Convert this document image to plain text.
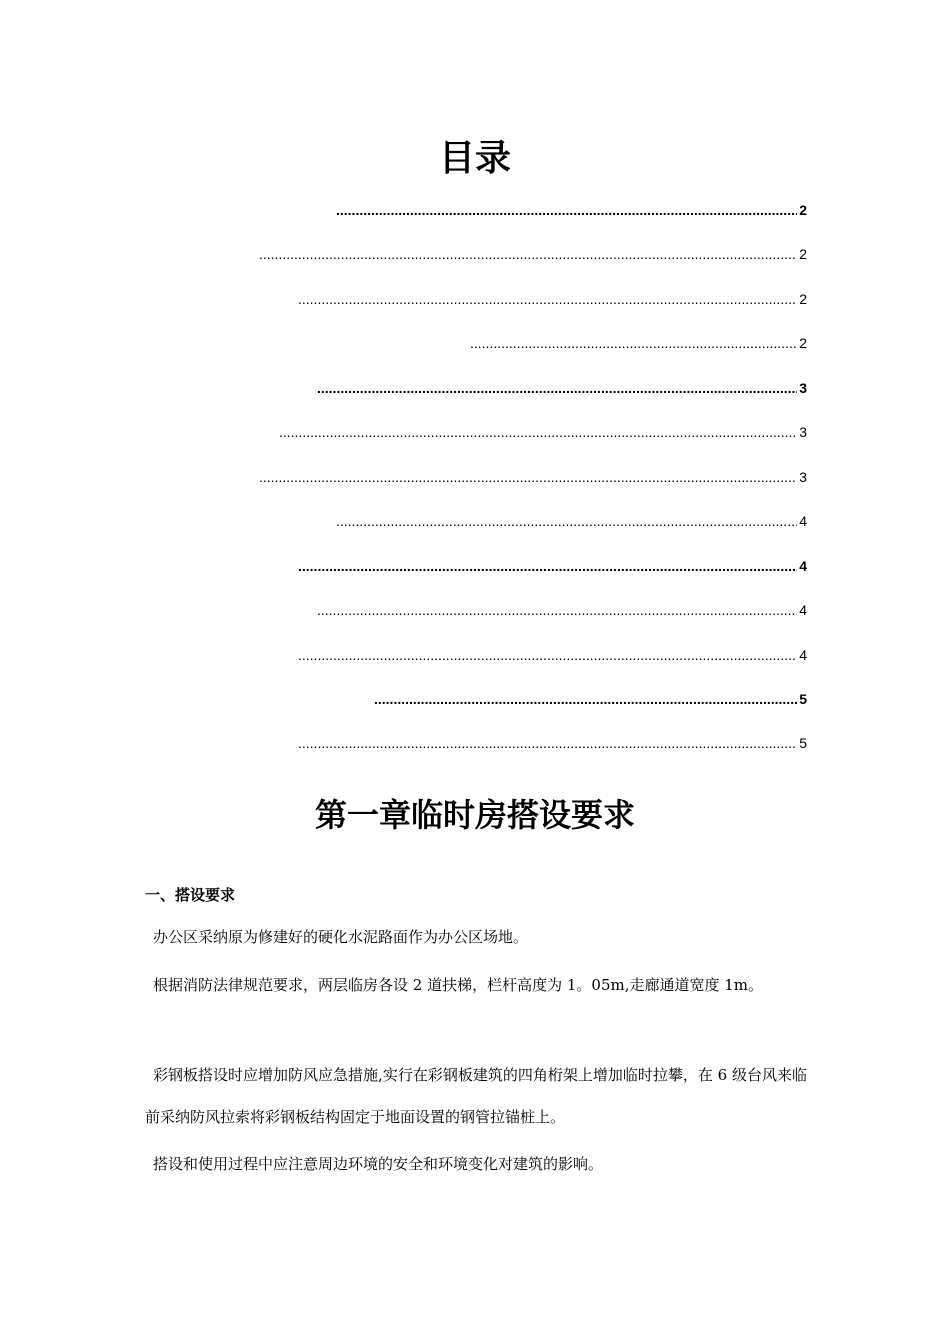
目录
.....
2
.....
2
.....
2
.....
2
.....
3
.....
3
.....
3
.....
4
.....
4
.....
4
.....
4
.....
5
.....
5
第一章临时房搭设要求
一、搭设要求

办公区采纳原为修建好的硬化水泥路面作为办公区场地。

根据消防法律规范要求，两层临房各设 2 道扶梯，栏杆高度为 1。05m,走廊通道宽度 1m。

彩钢板搭设时应增加防风应急措施,实行在彩钢板建筑的四角桁架上增加临时拉攀，在 6 级台风来临前采纳防风拉索将彩钢板结构固定于地面设置的钢管拉锚桩上。

搭设和使用过程中应注意周边环境的安全和环境变化对建筑的影响。
